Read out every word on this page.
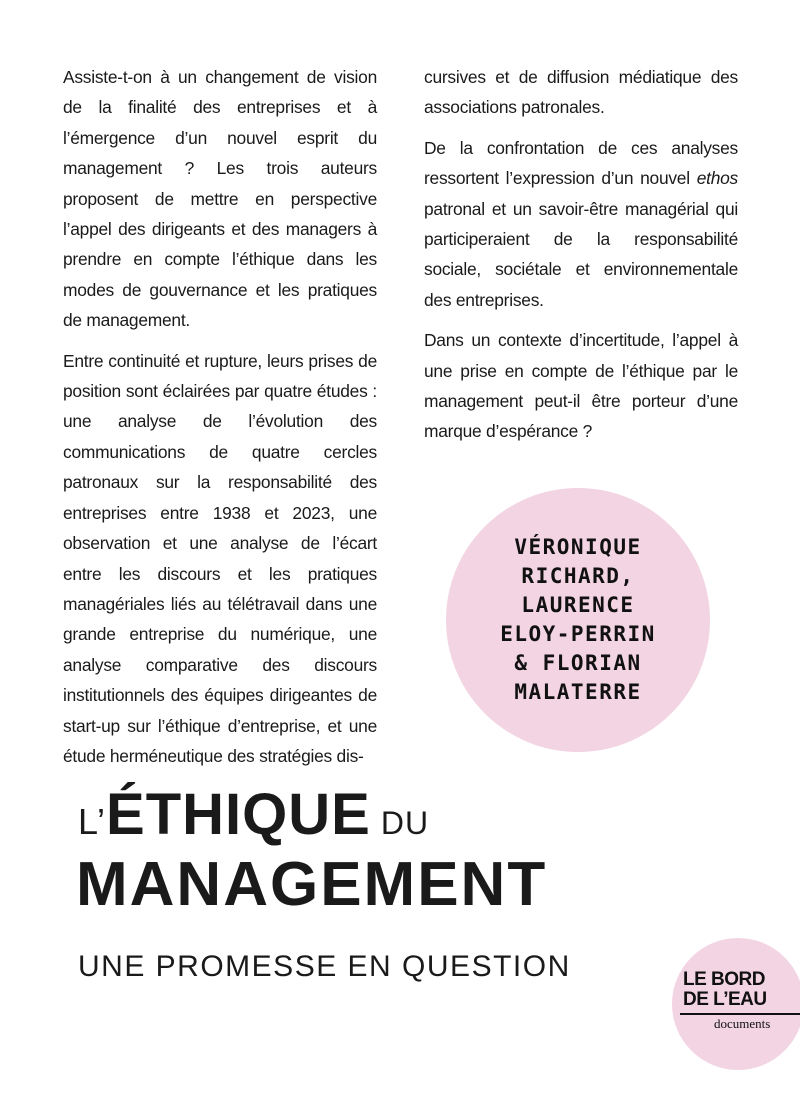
Assiste-t-on à un changement de vision de la finalité des entreprises et à l’émergence d’un nouvel esprit du management ? Les trois auteurs proposent de mettre en perspective l’appel des dirigeants et des managers à prendre en compte l’éthique dans les modes de gouvernance et les pratiques de management.

Entre continuité et rupture, leurs prises de position sont éclairées par quatre études : une analyse de l’évolution des communications de quatre cercles patronaux sur la responsabilité des entreprises entre 1938 et 2023, une observation et une analyse de l’écart entre les discours et les pratiques managériales liés au télétravail dans une grande entreprise du numérique, une analyse comparative des discours institutionnels des équipes dirigeantes de start-up sur l’éthique d’entreprise, et une étude herméneutique des stratégies dis-

cursives et de diffusion médiatique des associations patronales.

De la confrontation de ces analyses ressortent l’expression d’un nouvel ethos patronal et un savoir-être managérial qui participeraient de la responsabilité sociale, sociétale et environnementale des entreprises.

Dans un contexte d’incertitude, l’appel à une prise en compte de l’éthique par le management peut-il être porteur d’une marque d’espérance ?

VÉRONIQUE
RICHARD,
LAURENCE
ELOY-PERRIN
& FLORIAN
MALATERRE
L’ÉTHIQUE DU
MANAGEMENT
UNE PROMESSE EN QUESTION	LE BORD
DE L’EAU
documents
